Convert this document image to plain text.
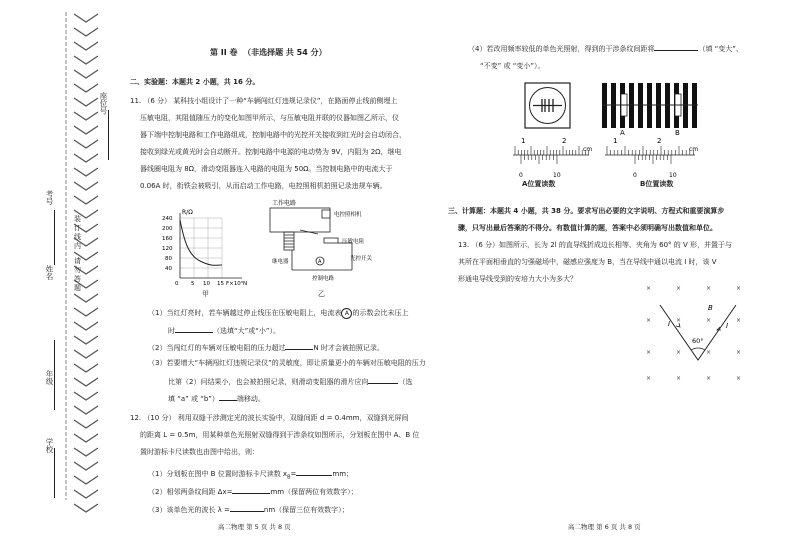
学校
年级
姓名
考号
座位号
装
订
线
内
请
勿
答
题
第 II 卷 （非选择题 共 54 分）
二、实验题：本题共 2 小题，共 16 分。
11. （6 分） 某科技小组设计了一种“车辆闯红灯违规记录仪”，在路面停止线前侧埋上
压敏电阻，其阻值随压力的变化如图甲所示，与压敏电阻并联的仪器如图乙所示，仪
器下端中控制电路和工作电路组成，控制电路中的光控开关接收到红光时会自动闭合，
接收到绿光或黄光时会自动断开。控制电路中电源的电动势为 9V，内阻为 2Ω，继电
器线圈电阻为 8Ω，滑动变阻器连入电路的电阻为 50Ω。当控制电路中的电流大于
0.06A 时，衔铁会被吸引，从而启动工作电路，电控照相机拍照记录违规车辆。
R/Ω
240
200
160
120
80
40
0 5 10 15 F×10³N
甲
工作电路
电控照相机
压敏电阻
继电器	A	光控开关
控制电路
乙
（1）当红灯亮时，若车辆越过停止线压在压敏电阻上，电流表 A 的示数会比未压上
时	（选填“大”或“小”）。
（2）当闯红灯的车辆对压敏电阻的压力超过	N 时才会被拍照记录。
（3）若要增大“车辆闯红灯违规记录仪”的灵敏度，即让质量更小的车辆对压敏电阻的压力
比第（2）问结果小，也会被拍照记录，则滑动变阻器的滑片应向	（选
填 “a” 或 “b”）	端移动。
12. （10 分） 利用双缝干涉测定光的波长实验中，双缝间距 d = 0.4mm，双缝到光屏间
的距离 L = 0.5m，用某种单色光照射双缝得到干涉条纹如图所示，分划板在图中 A、B 位
置时游标卡尺读数也由图中给出，则：
（1）分划板在图中 B 位置时游标卡尺读数 $x_B=$	mm；
（2）相邻两条纹间距 Δx=	mm（保留两位有效数字）；
（3）该单色光的波长 λ =	nm（保留三位有效数字）；
高二物理 第 5 页 共 8 页
（4）若改用频率较低的单色光照射，得到的干涉条纹间距将	（填 “变大”、
“不变” 或 “变小”）。
A	B
1	2
cm
0	10
1	2
cm
0	10
A位置读数	B位置读数
三、计算题：本题共 4 小题，共 38 分。要求写出必要的文字说明、方程式和重要演算步
骤，只写出最后答案的不得分。有数值计算的题，答案中必须明确写出数值和单位。
13. （6 分）如图所示，长为 2l 的直导线折成边长相等、夹角为 60° 的 V 形，并置于与
其所在平面相垂直的匀强磁场中，磁感应强度为 B，当在导线中通以电流 I 时，该 V
形通电导线受到的安培力大小为多大？
×
×
×
×
×
×
×
×
×
×
×
×
×
×
×
×
60°
I	I
B
高二物理 第 6 页 共 8 页
